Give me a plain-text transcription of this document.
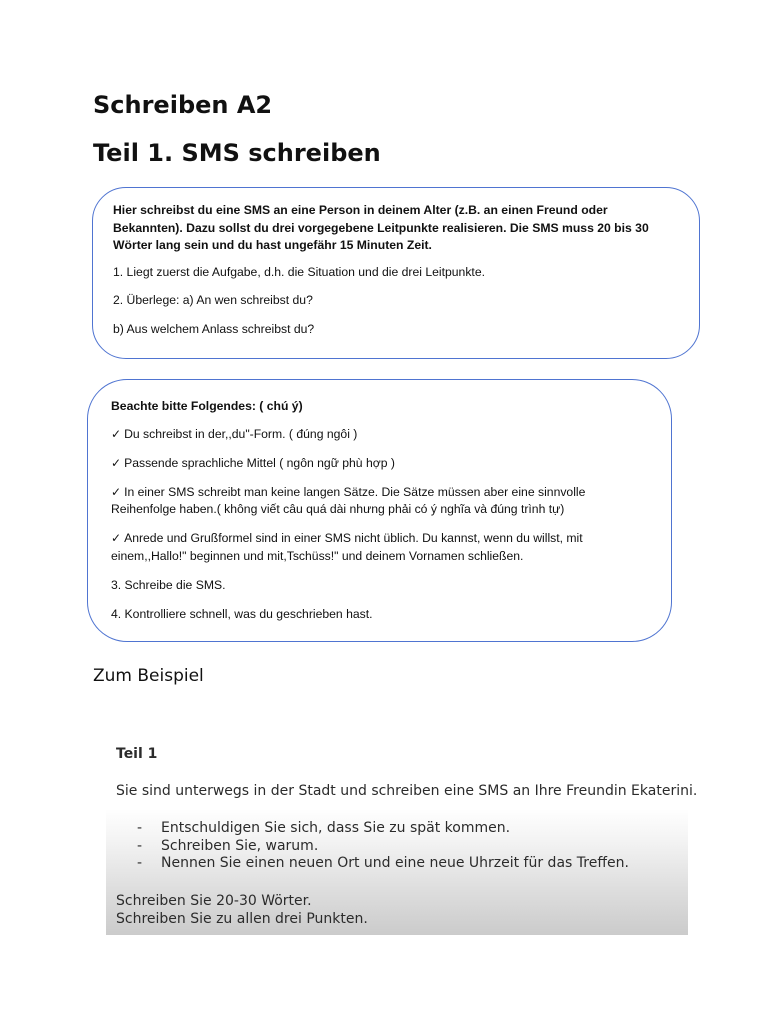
Schreiben A2
Teil 1. SMS schreiben

Hier schreibst du eine SMS an eine Person in deinem Alter (z.B. an einen Freund oder Bekannten). Dazu sollst du drei vorgegebene Leitpunkte realisieren. Die SMS muss 20 bis 30 Wörter lang sein und du hast ungefähr 15 Minuten Zeit.

1. Liegt zuerst die Aufgabe, d.h. die Situation und die drei Leitpunkte.

2. Überlege: a) An wen schreibst du?

b) Aus welchem Anlass schreibst du?

Beachte bitte Folgendes: ( chú ý)

✓ Du schreibst in der,,du"-Form. ( đúng ngôi )

✓ Passende sprachliche Mittel ( ngôn ngữ phù hợp )

✓ In einer SMS schreibt man keine langen Sätze. Die Sätze müssen aber eine sinnvolle Reihenfolge haben.( không viết câu quá dài nhưng phải có ý nghĩa và đúng trình tự)

✓ Anrede und Grußformel sind in einer SMS nicht üblich. Du kannst, wenn du willst, mit einem,,Hallo!" beginnen und mit,Tschüss!" und deinem Vornamen schließen.

3. Schreibe die SMS.

4. Kontrolliere schnell, was du geschrieben hast.

Zum Beispiel

Teil 1
Sie sind unterwegs in der Stadt und schreiben eine SMS an Ihre Freundin Ekaterini.
- Entschuldigen Sie sich, dass Sie zu spät kommen.
- Schreiben Sie, warum.
- Nennen Sie einen neuen Ort und eine neue Uhrzeit für das Treffen.
Schreiben Sie 20-30 Wörter.
Schreiben Sie zu allen drei Punkten.
